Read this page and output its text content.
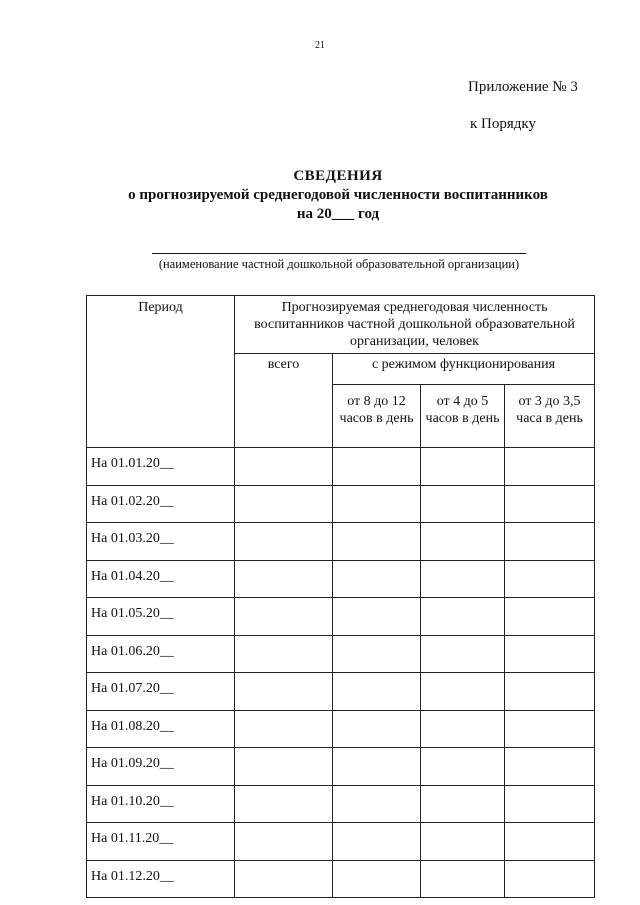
21
Приложение № 3
к Порядку
СВЕДЕНИЯ
о прогнозируемой среднегодовой численности воспитанников
на 20___ год
(наименование частной дошкольной образовательной организации)
Период	Прогнозируемая среднегодовая численность воспитанников частной дошкольной образовательной организации, человек			
	всего	с режимом функционирования		
		от 8 до 12 часов в день	от 4 до 5 часов в день	от 3 до 3,5 часа в день
На 01.01.20__				
На 01.02.20__				
На 01.03.20__				
На 01.04.20__				
На 01.05.20__				
На 01.06.20__				
На 01.07.20__				
На 01.08.20__				
На 01.09.20__				
На 01.10.20__				
На 01.11.20__				
На 01.12.20__				
